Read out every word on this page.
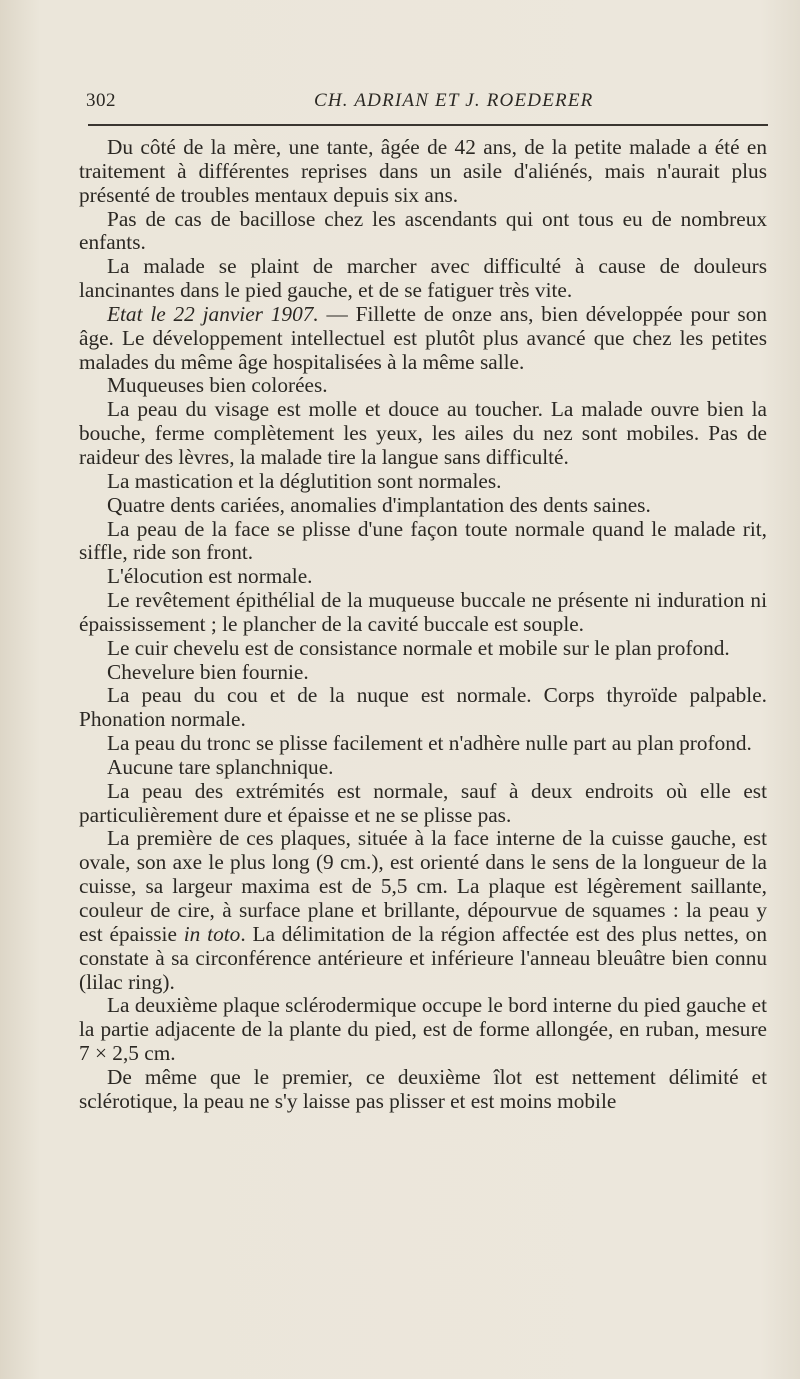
302	CH. ADRIAN ET J. ROEDERER

Du côté de la mère, une tante, âgée de 42 ans, de la petite malade a été en traitement à différentes reprises dans un asile d'aliénés, mais n'aurait plus présenté de troubles mentaux depuis six ans.

Pas de cas de bacillose chez les ascendants qui ont tous eu de nombreux enfants.

La malade se plaint de marcher avec difficulté à cause de douleurs lancinantes dans le pied gauche, et de se fatiguer très vite.

Etat le 22 janvier 1907. — Fillette de onze ans, bien développée pour son âge. Le développement intellectuel est plutôt plus avancé que chez les petites malades du même âge hospitalisées à la même salle.

Muqueuses bien colorées.

La peau du visage est molle et douce au toucher. La malade ouvre bien la bouche, ferme complètement les yeux, les ailes du nez sont mobiles. Pas de raideur des lèvres, la malade tire la langue sans difficulté.

La mastication et la déglutition sont normales.

Quatre dents cariées, anomalies d'implantation des dents saines.

La peau de la face se plisse d'une façon toute normale quand le malade rit, siffle, ride son front.

L'élocution est normale.

Le revêtement épithélial de la muqueuse buccale ne présente ni induration ni épaississement ; le plancher de la cavité buccale est souple.

Le cuir chevelu est de consistance normale et mobile sur le plan profond.

Chevelure bien fournie.

La peau du cou et de la nuque est normale. Corps thyroïde palpable. Phonation normale.

La peau du tronc se plisse facilement et n'adhère nulle part au plan profond.

Aucune tare splanchnique.

La peau des extrémités est normale, sauf à deux endroits où elle est particulièrement dure et épaisse et ne se plisse pas.

La première de ces plaques, située à la face interne de la cuisse gauche, est ovale, son axe le plus long (9 cm.), est orienté dans le sens de la longueur de la cuisse, sa largeur maxima est de 5,5 cm. La plaque est légèrement saillante, couleur de cire, à surface plane et brillante, dépourvue de squames : la peau y est épaissie in toto. La délimitation de la région affectée est des plus nettes, on constate à sa circonférence antérieure et inférieure l'anneau bleuâtre bien connu (lilac ring).

La deuxième plaque sclérodermique occupe le bord interne du pied gauche et la partie adjacente de la plante du pied, est de forme allongée, en ruban, mesure 7 × 2,5 cm.

De même que le premier, ce deuxième îlot est nettement délimité et sclérotique, la peau ne s'y laisse pas plisser et est moins mobile
